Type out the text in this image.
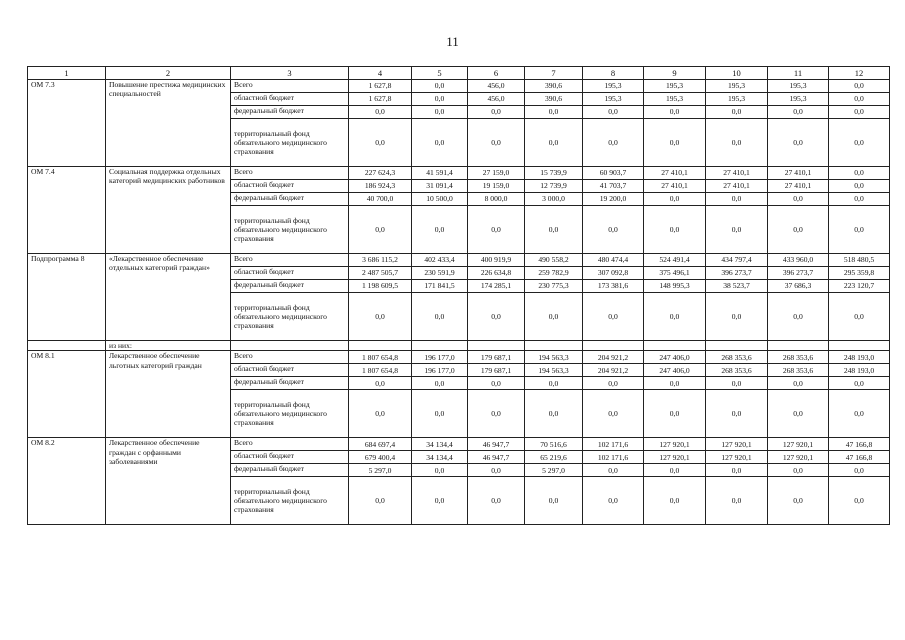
11
1	2	3	4	5	6	7	8	9	10	11	12
ОМ 7.3	Повышение престижа медицинских специальностей	Всего	1 627,8	0,0	456,0	390,6	195,3	195,3	195,3	195,3	0,0
		областной бюджет	1 627,8	0,0	456,0	390,6	195,3	195,3	195,3	195,3	0,0
		федеральный бюджет	0,0	0,0	0,0	0,0	0,0	0,0	0,0	0,0	0,0
		территориальный фонд обязательного медицинского страхования	0,0	0,0	0,0	0,0	0,0	0,0	0,0	0,0	0,0
ОМ 7.4	Социальная поддержка отдельных категорий медицинских работников	Всего	227 624,3	41 591,4	27 159,0	15 739,9	60 903,7	27 410,1	27 410,1	27 410,1	0,0
		областной бюджет	186 924,3	31 091,4	19 159,0	12 739,9	41 703,7	27 410,1	27 410,1	27 410,1	0,0
		федеральный бюджет	40 700,0	10 500,0	8 000,0	3 000,0	19 200,0	0,0	0,0	0,0	0,0
		территориальный фонд обязательного медицинского страхования	0,0	0,0	0,0	0,0	0,0	0,0	0,0	0,0	0,0
Подпрограмма 8	«Лекарственное обеспечение отдельных категорий граждан»	Всего	3 686 115,2	402 433,4	400 919,9	490 558,2	480 474,4	524 491,4	434 797,4	433 960,0	518 480,5
		областной бюджет	2 487 505,7	230 591,9	226 634,8	259 782,9	307 092,8	375 496,1	396 273,7	396 273,7	295 359,8
		федеральный бюджет	1 198 609,5	171 841,5	174 285,1	230 775,3	173 381,6	148 995,3	38 523,7	37 686,3	223 120,7
		территориальный фонд обязательного медицинского страхования	0,0	0,0	0,0	0,0	0,0	0,0	0,0	0,0	0,0
	из них:										
ОМ 8.1	Лекарственное обеспечение льготных категорий граждан	Всего	1 807 654,8	196 177,0	179 687,1	194 563,3	204 921,2	247 406,0	268 353,6	268 353,6	248 193,0
		областной бюджет	1 807 654,8	196 177,0	179 687,1	194 563,3	204 921,2	247 406,0	268 353,6	268 353,6	248 193,0
		федеральный бюджет	0,0	0,0	0,0	0,0	0,0	0,0	0,0	0,0	0,0
		территориальный фонд обязательного медицинского страхования	0,0	0,0	0,0	0,0	0,0	0,0	0,0	0,0	0,0
ОМ 8.2	Лекарственное обеспечение граждан с орфанными заболеваниями	Всего	684 697,4	34 134,4	46 947,7	70 516,6	102 171,6	127 920,1	127 920,1	127 920,1	47 166,8
		областной бюджет	679 400,4	34 134,4	46 947,7	65 219,6	102 171,6	127 920,1	127 920,1	127 920,1	47 166,8
		федеральный бюджет	5 297,0	0,0	0,0	5 297,0	0,0	0,0	0,0	0,0	0,0
		территориальный фонд обязательного медицинского страхования	0,0	0,0	0,0	0,0	0,0	0,0	0,0	0,0	0,0
